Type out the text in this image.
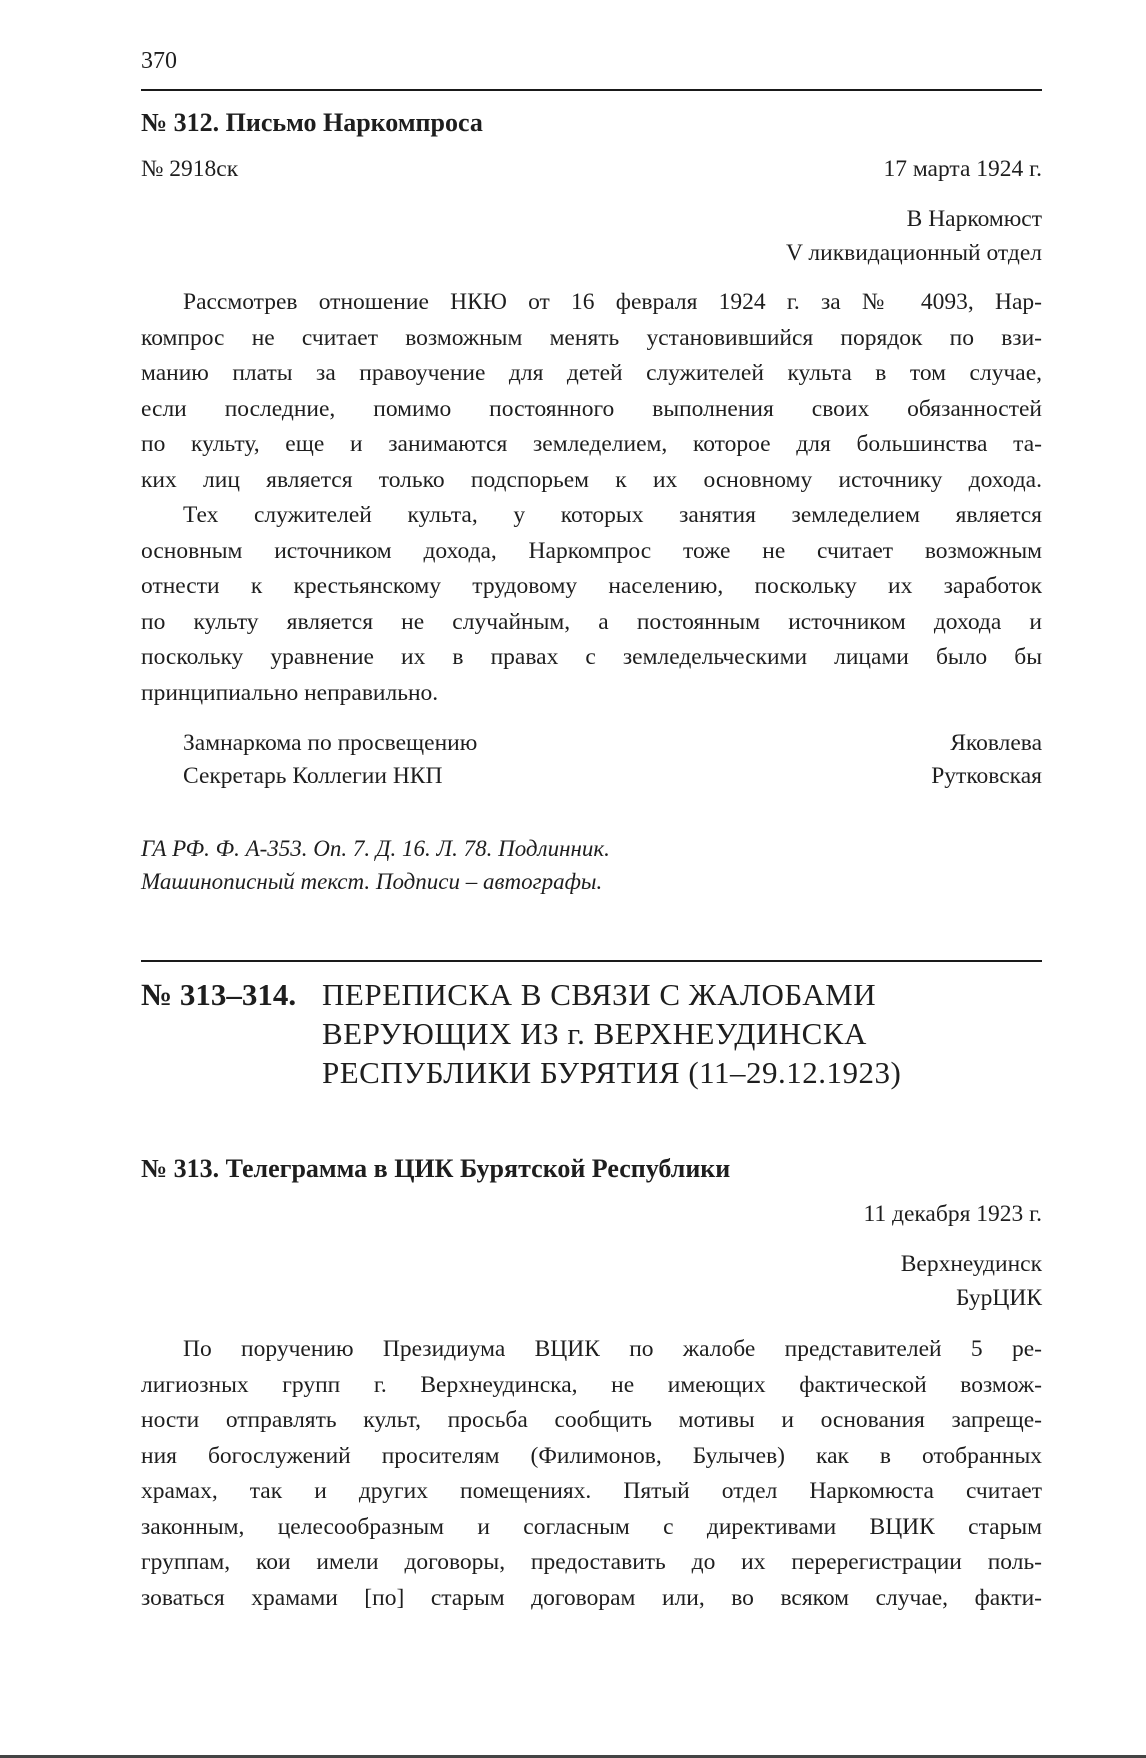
370
№ 312. Письмо Наркомпроса
№ 2918ск	17 марта 1924 г.
В Наркомюст
V ликвидационный отдел
Рассмотрев отношение НКЮ от 16 февраля 1924 г. за № 4093, Нар-
компрос не считает возможным менять установившийся порядок по взи-
манию платы за правоучение для детей служителей культа в том случае,
если последние, помимо постоянного выполнения своих обязанностей
по культу, еще и занимаются земледелием, которое для большинства та-
ких лиц является только подспорьем к их основному источнику дохода.
Тех служителей культа, у которых занятия земледелием является
основным источником дохода, Наркомпрос тоже не считает возможным
отнести к крестьянскому трудовому населению, поскольку их заработок
по культу является не случайным, а постоянным источником дохода и
поскольку уравнение их в правах с земледельческими лицами было бы
принципиально неправильно.
Замнаркома по просвещению	Яковлева
Секретарь Коллегии НКП	Рутковская
ГА РФ. Ф. А-353. Оп. 7. Д. 16. Л. 78. Подлинник.
Машинописный текст. Подписи – автографы.
№ 313–314. ПЕРЕПИСКА В СВЯЗИ С ЖАЛОБАМИ
ВЕРУЮЩИХ ИЗ г. ВЕРХНЕУДИНСКА
РЕСПУБЛИКИ БУРЯТИЯ (11–29.12.1923)
№ 313. Телеграмма в ЦИК Бурятской Республики
11 декабря 1923 г.
Верхнеудинск
БурЦИК
По поручению Президиума ВЦИК по жалобе представителей 5 ре-
лигиозных групп г. Верхнеудинска, не имеющих фактической возмож-
ности отправлять культ, просьба сообщить мотивы и основания запреще-
ния богослужений просителям (Филимонов, Булычев) как в отобранных
храмах, так и других помещениях. Пятый отдел Наркомюста считает
законным, целесообразным и согласным с директивами ВЦИК старым
группам, кои имели договоры, предоставить до их перерегистрации поль-
зоваться храмами [по] старым договорам или, во всяком случае, факти-
